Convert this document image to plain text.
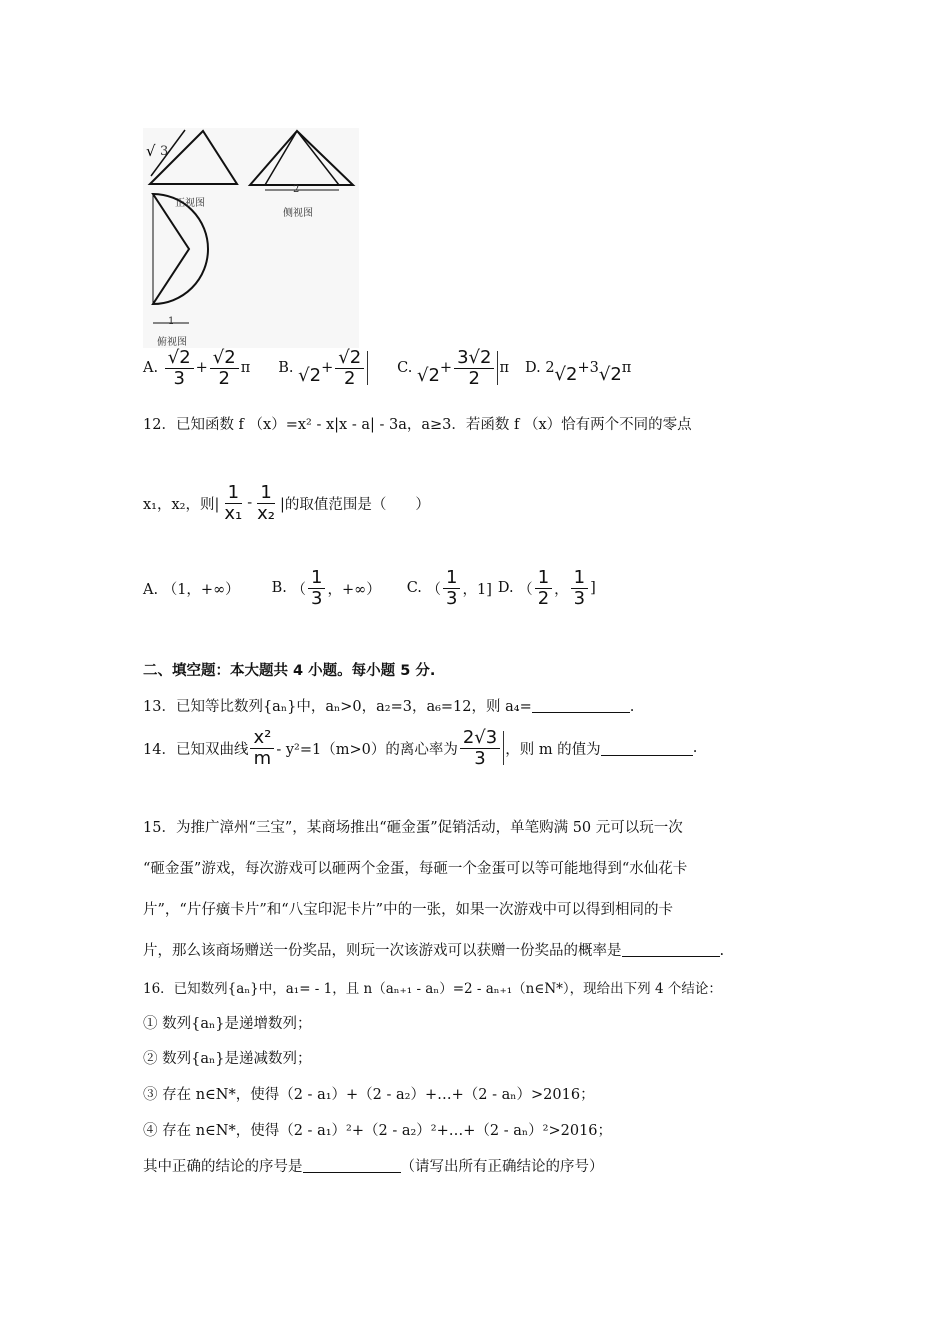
√
正视图
侧视图
俯视图
3
2
1
A.
$\frac{√2}{3} + \frac{√2}{2}$ π B.
$√2 + \frac{√2}{2} C$.
$√2 + \frac{3√2}{2}$ π D.
2 √2 +3 √2 π
12．已知函数 f （x）=x² - x|x - a| - 3a，a≥3．若函数 f （x）恰有两个不同的零点
x₁，x₂，则| $\frac{1}{\text{x₁}} - \frac{1}{\text{x₂}}$ |的取值范围是（　　）
A. （1，+∞） B. （ $\frac{1}{3}$ ，+∞） C. （ $\frac{1}{3}$ ，1] D. （ $\frac{1}{2}$ ， $\frac{1}{3}$ ]
二、填空题：本大题共 4 小题。每小题 5 分.
13．已知等比数列{aₙ}中，aₙ>0，a₂=3，a₆=12，则 a₄=	.
14．已知双曲线 $\frac{\text{x²}}{m} - y^2=1(m>0)$的离心率为 $\frac{2√3}{3}$ ，则 m 的值为	.
15．为推广漳州“三宝”，某商场推出“砸金蛋”促销活动，单笔购满 50 元可以玩一次
“砸金蛋”游戏，每次游戏可以砸两个金蛋，每砸一个金蛋可以等可能地得到“水仙花卡
片”，“片仔癀卡片”和“八宝印泥卡片”中的一张，如果一次游戏中可以得到相同的卡
片，那么该商场赠送一份奖品，则玩一次该游戏可以获赠一份奖品的概率是	.
16．已知数列{aₙ}中，a₁= - 1，且 n（aₙ₊₁ - aₙ）=2 - aₙ₊₁（n∈N*），现给出下列 4 个结论：
① 数列{aₙ}是递增数列；
② 数列{aₙ}是递减数列；
③ 存在 n∈N*，使得（2 - a₁）+（2 - a₂）+…+（2 - aₙ）>2016；
④ 存在 n∈N*，使得（2 - a₁）²+（2 - a₂）²+…+（2 - aₙ）²>2016；
其中正确的结论的序号是	（请写出所有正确结论的序号）
